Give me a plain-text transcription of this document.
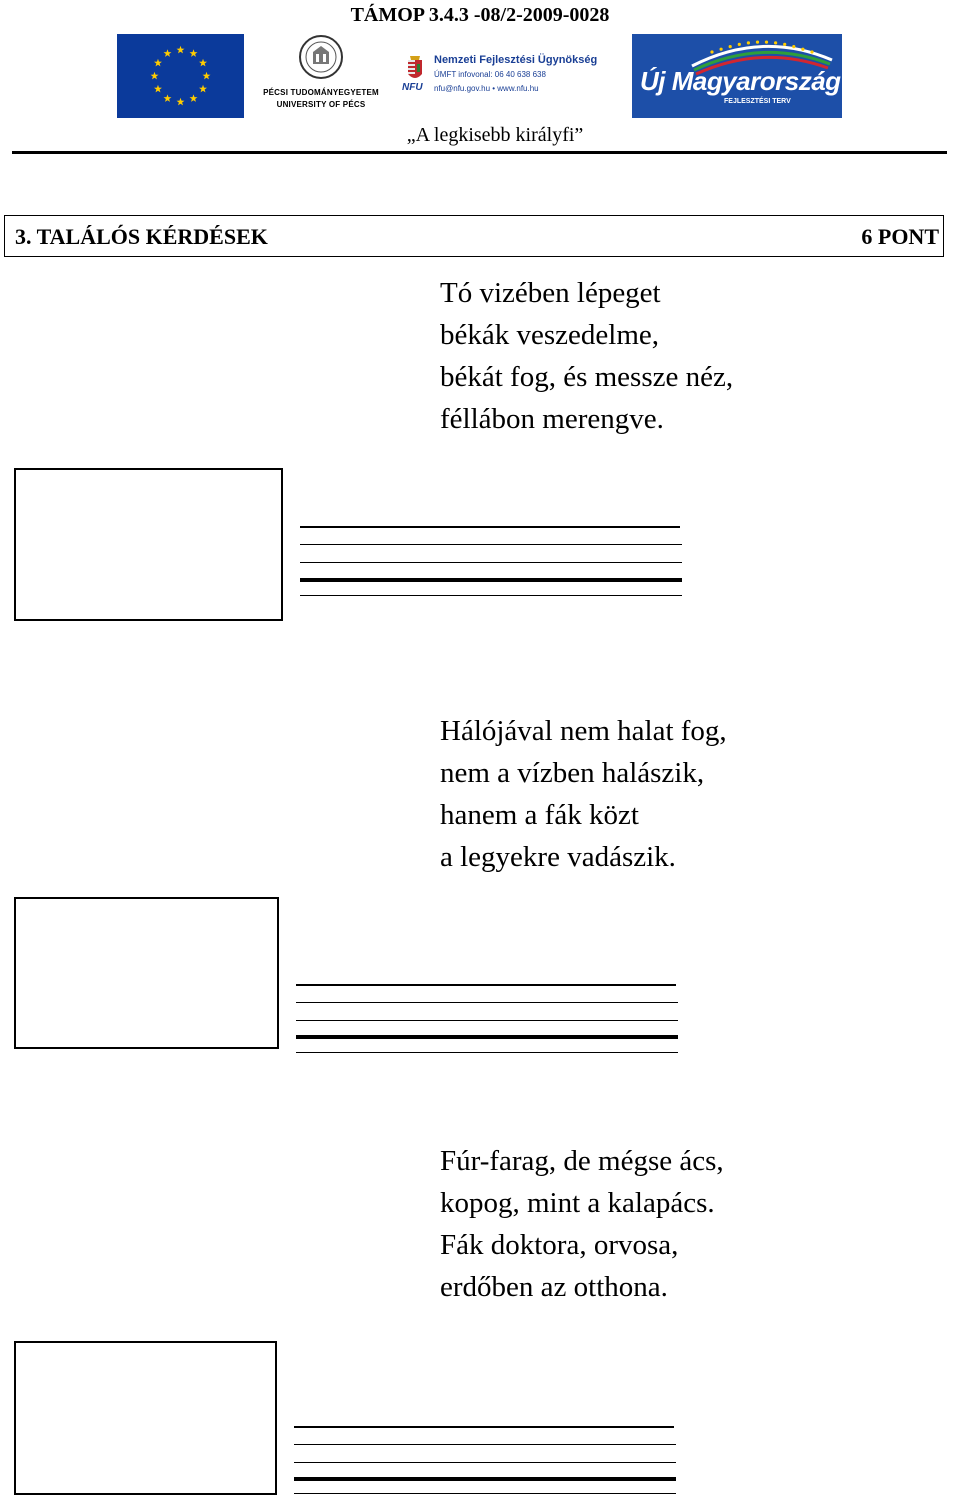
TÁMOP 3.4.3 -08/2-2009-0028
PÉCSI TUDOMÁNYEGYETEM
UNIVERSITY OF PÉCS
NFU
Nemzeti Fejlesztési Ügynökség
ÚMFT infovonal: 06 40 638 638
nfu@nfu.gov.hu • www.nfu.hu	Új Magyarország
FEJLESZTÉSI TERV
„A legkisebb királyfi”
3. TALÁLÓS KÉRDÉSEK	6 PONT
Tó vizében lépeget
békák veszedelme,
békát fog, és messze néz,
féllábon merengve.
Hálójával nem halat fog,
nem a vízben halászik,
hanem a fák közt
a legyekre vadászik.
Fúr-farag, de mégse ács,
kopog, mint a kalapács.
Fák doktora, orvosa,
erdőben az otthona.
